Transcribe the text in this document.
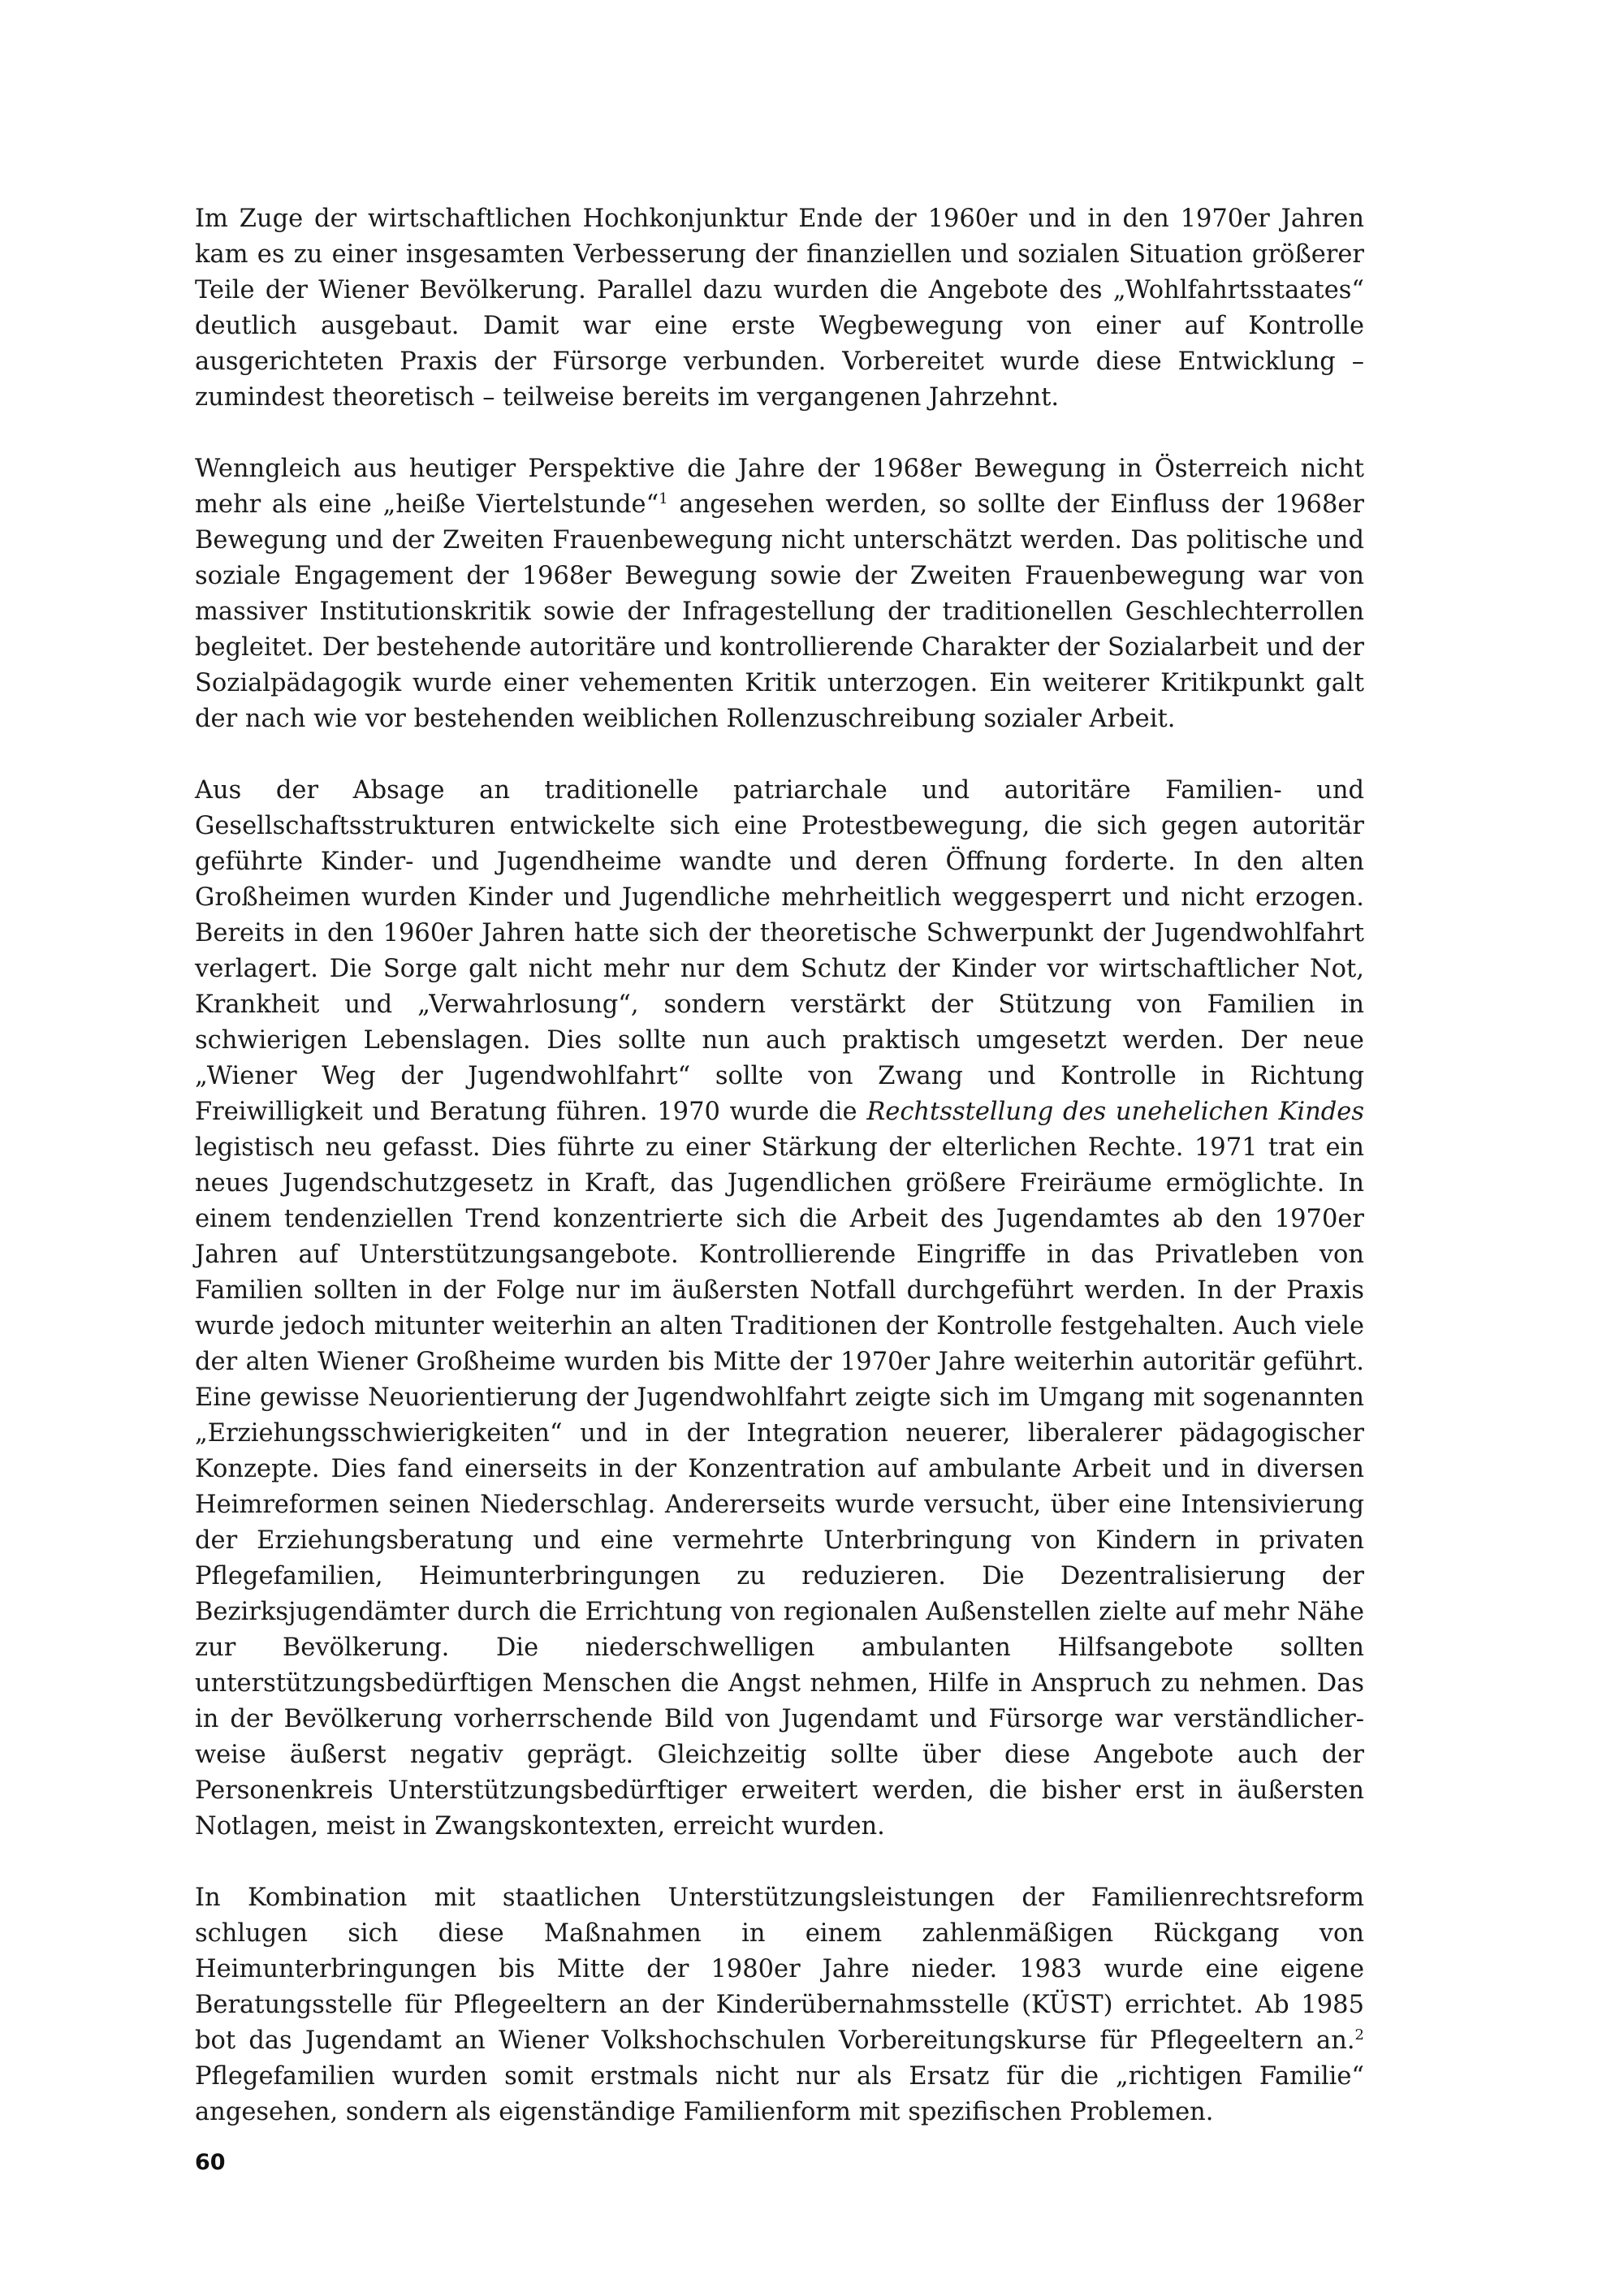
Im Zuge der wirtschaftlichen Hochkonjunktur Ende der 1960er und in den 1970er Jahren kam es zu einer insgesamten Verbesserung der finanziellen und sozialen Situation größerer Teile der Wiener Bevölkerung. Parallel dazu wurden die Angebote des „Wohlfahrtsstaates“ deutlich ausgebaut. Damit war eine erste Wegbewegung von einer auf Kontrolle ausgerichteten Praxis der Fürsorge verbunden. Vorbereitet wurde diese Entwicklung – zumindest theoretisch – teilweise bereits im vergangenen Jahrzehnt.

Wenngleich aus heutiger Perspektive die Jahre der 1968er Bewegung in Österreich nicht mehr als eine „heiße Viertelstunde“$^1$ angesehen werden, so sollte der Einfluss der 1968er Bewegung und der Zweiten Frauenbewegung nicht unterschätzt werden. Das politische und soziale Engagement der 1968er Bewegung sowie der Zweiten Frauenbewegung war von massiver Institutionskritik sowie der Infragestellung der traditionellen Geschlechterrollen begleitet. Der bestehende autoritäre und kontrollierende Charakter der Sozialarbeit und der Sozialpädagogik wurde einer vehementen Kritik unterzogen. Ein weiterer Kritikpunkt galt der nach wie vor bestehenden weiblichen Rollenzuschreibung sozialer Arbeit.

Aus der Absage an traditionelle patriarchale und autoritäre Familien- und Gesellschaftsstrukturen entwickelte sich eine Protestbewegung, die sich gegen autoritär geführte Kinder- und Jugendheime wandte und deren Öffnung forderte. In den alten Großheimen wurden Kinder und Jugendliche mehrheitlich weggesperrt und nicht erzogen. Bereits in den 1960er Jahren hatte sich der theoretische Schwerpunkt der Jugendwohlfahrt verlagert. Die Sorge galt nicht mehr nur dem Schutz der Kinder vor wirtschaftlicher Not, Krankheit und „Verwahrlosung“, sondern verstärkt der Stützung von Familien in schwierigen Lebenslagen. Dies sollte nun auch praktisch umgesetzt werden. Der neue „Wiener Weg der Jugendwohlfahrt“ sollte von Zwang und Kontrolle in Richtung Freiwilligkeit und Beratung führen. 1970 wurde die Rechtsstellung des unehelichen Kindes legistisch neu gefasst. Dies führte zu einer Stärkung der elterlichen Rechte. 1971 trat ein neues Jugendschutzgesetz in Kraft, das Jugendlichen größere Freiräume ermöglichte. In einem tendenziellen Trend konzentrierte sich die Arbeit des Jugendamtes ab den 1970er Jahren auf Unterstützungsangebote. Kontrollierende Eingriffe in das Privatleben von Familien sollten in der Folge nur im äußersten Notfall durchgeführt werden. In der Praxis wurde jedoch mitunter weiterhin an alten Traditionen der Kontrolle festgehalten. Auch viele der alten Wiener Großheime wurden bis Mitte der 1970er Jahre weiterhin autoritär geführt. Eine gewisse Neuorientierung der Jugendwohlfahrt zeigte sich im Umgang mit sogenannten „Erziehungsschwierigkeiten“ und in der Integration neuerer, liberalerer pädagogischer Konzepte. Dies fand einerseits in der Konzentration auf ambulante Arbeit und in diversen Heimreformen seinen Niederschlag. Andererseits wurde versucht, über eine Intensivierung der Erziehungsberatung und eine vermehrte Unterbringung von Kindern in privaten Pflegefamilien, Heimunterbringungen zu reduzieren. Die Dezentralisierung der Bezirksjugendämter durch die Errichtung von regionalen Außenstellen zielte auf mehr Nähe zur Bevölkerung. Die niederschwelligen ambulanten Hilfsangebote sollten unterstützungsbedürftigen Menschen die Angst nehmen, Hilfe in Anspruch zu nehmen. Das in der Bevölkerung vorherrschende Bild von Jugendamt und Fürsorge war verständlicherweise äußerst negativ geprägt. Gleichzeitig sollte über diese Angebote auch der Personenkreis Unterstützungsbedürftiger erweitert werden, die bisher erst in äußersten Notlagen, meist in Zwangskontexten, erreicht wurden.

In Kombination mit staatlichen Unterstützungsleistungen der Familienrechtsreform schlugen sich diese Maßnahmen in einem zahlenmäßigen Rückgang von Heimunterbringungen bis Mitte der 1980er Jahre nieder. 1983 wurde eine eigene Beratungsstelle für Pflegeeltern an der Kinderübernahmsstelle (KÜST) errichtet. Ab 1985 bot das Jugendamt an Wiener Volkshochschulen Vorbereitungskurse für Pflegeeltern an.$^2$ Pflegefamilien wurden somit erstmals nicht nur als Ersatz für die „richtigen Familie“ angesehen, sondern als eigenständige Familienform mit spezifischen Problemen.

60
